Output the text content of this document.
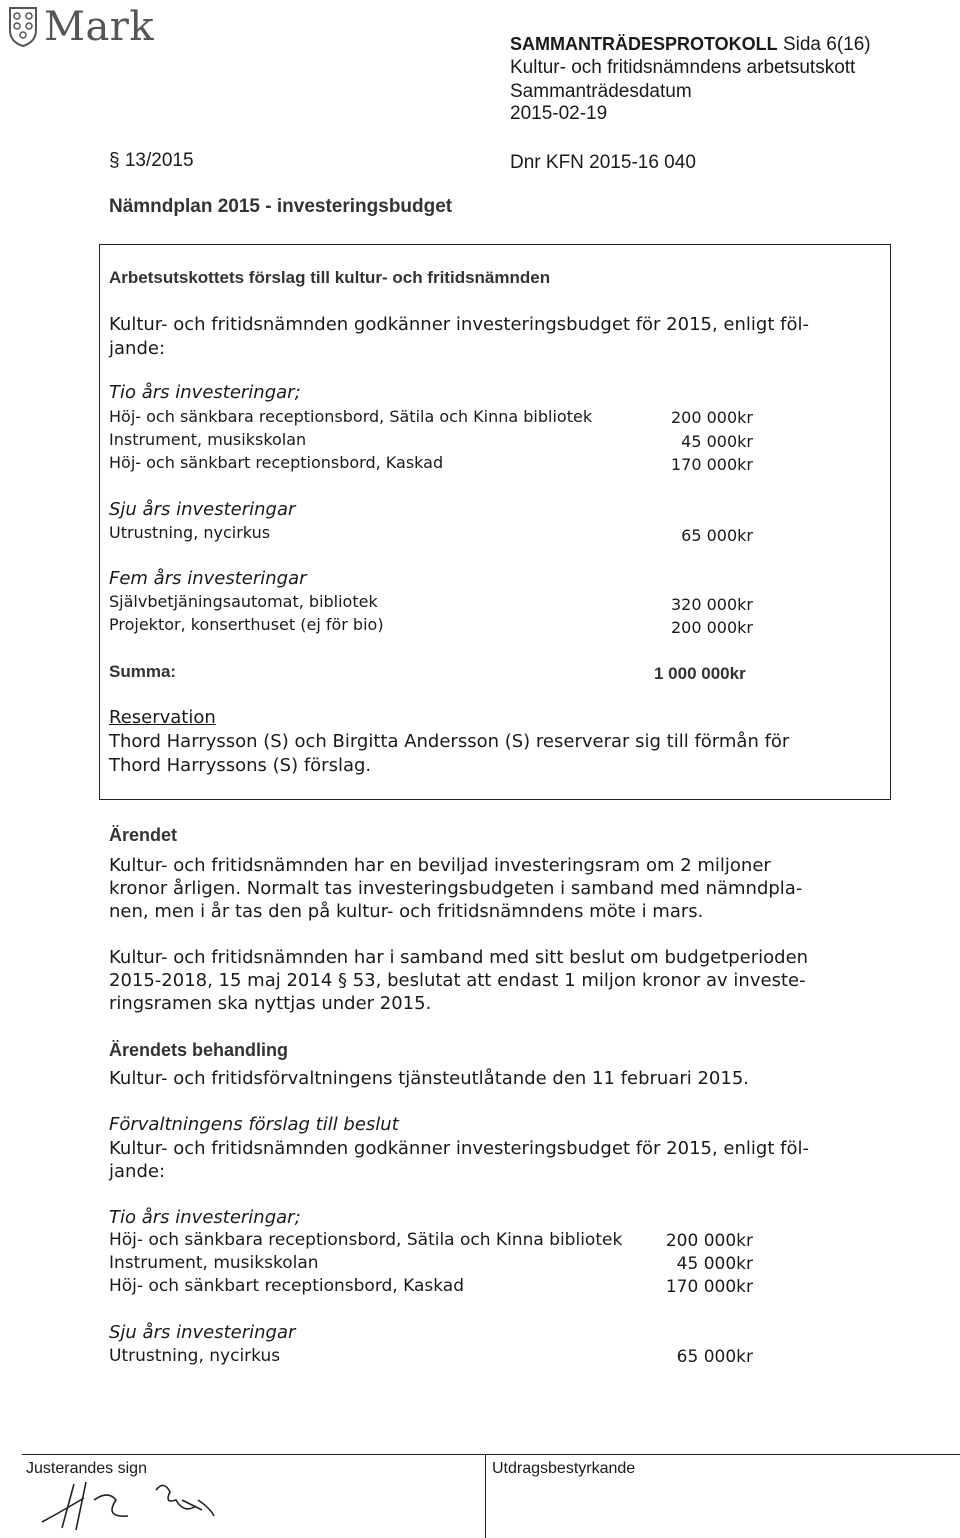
Mark	SAMMANTRÄDESPROTOKOLL Sida 6(16)
Kultur- och fritidsnämndens arbetsutskott
Sammanträdesdatum
2015-02-19
§ 13/2015	Dnr KFN 2015-16 040
Nämndplan 2015 - investeringsbudget
Arbetsutskottets förslag till kultur- och fritidsnämnden
Kultur- och fritidsnämnden godkänner investeringsbudget för 2015, enligt föl-
jande:
Tio års investeringar;
Höj- och sänkbara receptionsbord, Sätila och Kinna bibliotek	200 000kr
Instrument, musikskolan	45 000kr
Höj- och sänkbart receptionsbord, Kaskad	170 000kr
Sju års investeringar
Utrustning, nycirkus	65 000kr
Fem års investeringar
Självbetjäningsautomat, bibliotek	320 000kr
Projektor, konserthuset (ej för bio)	200 000kr
Summa:	1 000 000kr
Reservation
Thord Harrysson (S) och Birgitta Andersson (S) reserverar sig till förmån för
Thord Harryssons (S) förslag.
Ärendet
Kultur- och fritidsnämnden har en beviljad investeringsram om 2 miljoner
kronor årligen. Normalt tas investeringsbudgeten i samband med nämndpla-
nen, men i år tas den på kultur- och fritidsnämndens möte i mars.
Kultur- och fritidsnämnden har i samband med sitt beslut om budgetperioden
2015-2018, 15 maj 2014 § 53, beslutat att endast 1 miljon kronor av investe-
ringsramen ska nyttjas under 2015.
Ärendets behandling
Kultur- och fritidsförvaltningens tjänsteutlåtande den 11 februari 2015.
Förvaltningens förslag till beslut
Kultur- och fritidsnämnden godkänner investeringsbudget för 2015, enligt föl-
jande:
Tio års investeringar;
Höj- och sänkbara receptionsbord, Sätila och Kinna bibliotek	200 000kr
Instrument, musikskolan	45 000kr
Höj- och sänkbart receptionsbord, Kaskad	170 000kr
Sju års investeringar
Utrustning, nycirkus	65 000kr
Justerandes sign	Utdragsbestyrkande
